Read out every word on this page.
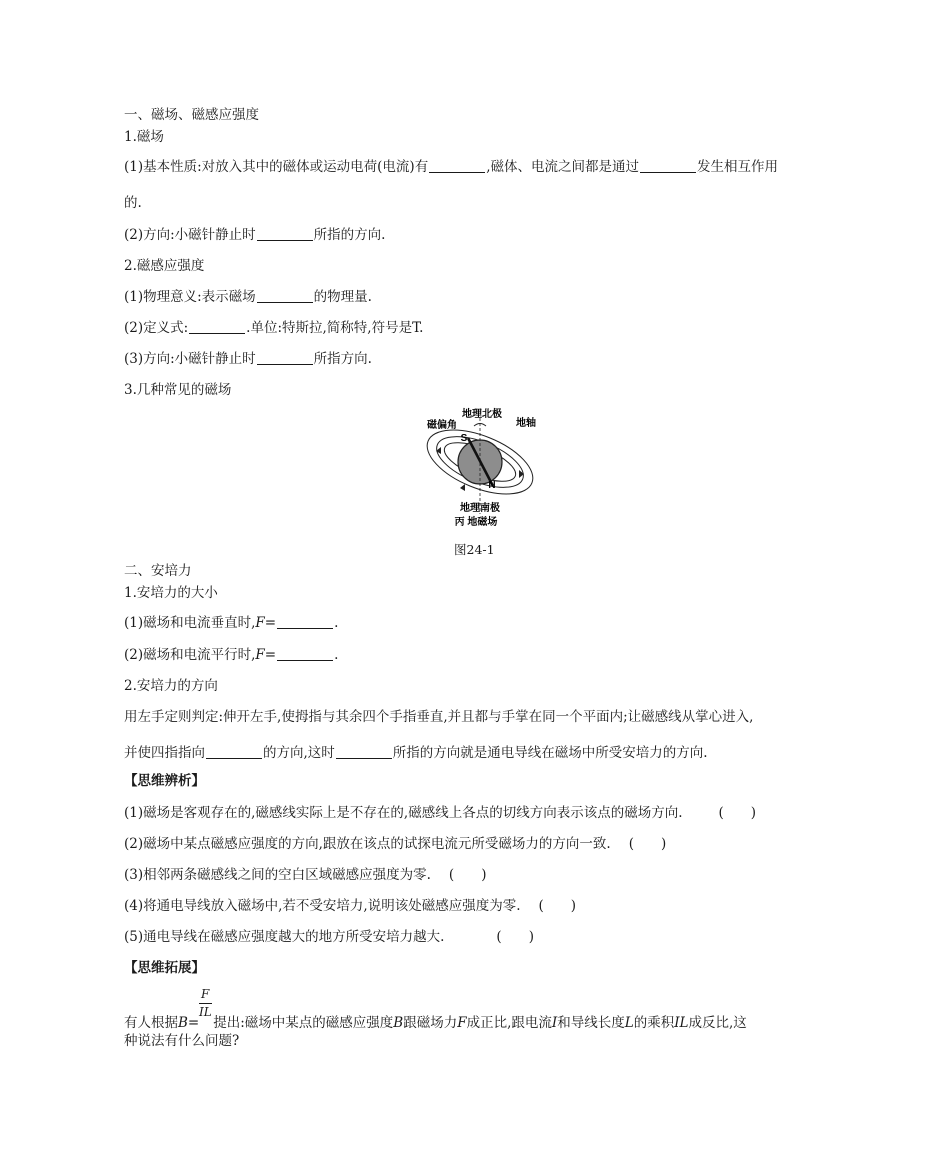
一、磁场、磁感应强度
1.磁场
(1)基本性质:对放入其中的磁体或运动电荷(电流)有	,磁体、电流之间都是通过	发生相互作用
的.
(2)方向:小磁针静止时	所指的方向.
2.磁感应强度
(1)物理意义:表示磁场	的物理量.
(2)定义式:	.单位:特斯拉,简称特,符号是T.
(3)方向:小磁针静止时	所指方向.
3.几种常见的磁场
地理北极
地轴
磁偏角
S
N
地理南极
丙 地磁场
图24-1
二、安培力
1.安培力的大小
(1)磁场和电流垂直时,F=	.
(2)磁场和电流平行时,F=	.
2.安培力的方向
用左手定则判定:伸开左手,使拇指与其余四个手指垂直,并且都与手掌在同一个平面内;让磁感线从掌心进入,
并使四指指向	的方向,这时	所指的方向就是通电导线在磁场中所受安培力的方向.
【思维辨析】
(1)磁场是客观存在的,磁感线实际上是不存在的,磁感线上各点的切线方向表示该点的磁场方向.	(　　)
(2)磁场中某点磁感应强度的方向,跟放在该点的试探电流元所受磁场力的方向一致. (　　)
(3)相邻两条磁感线之间的空白区域磁感应强度为零. (　　)
(4)将通电导线放入磁场中,若不受安培力,说明该处磁感应强度为零. (　　)
(5)通电导线在磁感应强度越大的地方所受安培力越大.	(　　)
【思维拓展】
F
IL
有人根据B= 提出:磁场中某点的磁感应强度B跟磁场力F成正比,跟电流I和导线长度L的乘积IL成反比,这
种说法有什么问题?
